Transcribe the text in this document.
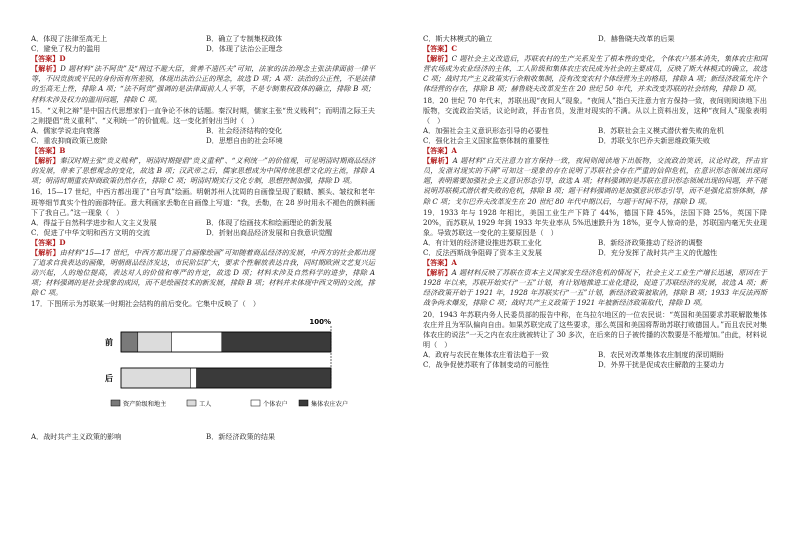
A．体现了法律至高无上	B．确立了专制集权政体
C．避免了权力的滥用	D．体现了法治公正理念
【答案】D
【解析】D 题材料“法不阿贵”及“刑过不避大臣，赏善不遗匹夫”可知，法家的法治理念主张法律面前一律平等，不因贵族或平民的身份而有所差别，体现出法治公正的理念，故选 D 项；A 项：法治的公正性，不是法律的至高无上性，排除 A 项；“法不阿贵”强调的是法律面前人人平等，不是专制集权政体的确立，排除 B 项；材料未涉及权力的滥用问题，排除 C 项。
15．“义利之辩”是中国古代思想家们一直争论不休的话题。秦汉时期，儒家主张“贵义贱利”；而明清之际王夫之则提倡“贵义重利”、“义利统一”的价值观。这一变化折射出当时（　）
A．儒家学说走向衰落	B．社会经济结构的变化
C．重农抑商政策已废除	D．思想自由的社会环境
【答案】B
【解析】秦汉时期主张“贵义贱利”，明清时期提倡“贵义重利”、“义利统一”的价值观，可见明清时期商品经济的发展，带来了思想观念的变化，故选 B 项；汉武帝之后，儒家思想成为中国传统思想文化的主流，排除 A 项；明清时期重农抑商政策仍然存在，排除 C 项；明清时期实行文化专制，思想控制加强，排除 D 项。
16．15—17 世纪，中西方都出现了“自写真”绘画。明朝苏州人沈周的自画像呈现了眼睛、额头、皱纹和老年斑等细节真实个性的面部特征。意大利画家丢勒在自画像上写道：“我，丢勒，在 28 岁时用永不褪色的颜料画下了我自己。”这一现象（　）
A．得益于自然科学进步和人文主义发展	B．体现了绘画技术和绘画理论的新发展
C．促进了中华文明和西方文明的交流	D．折射出商品经济发展和自我意识觉醒
【答案】D
【解析】由材料“15—17 世纪，中西方都出现了自画像绘画”可知随着商品经济的发展，中西方的社会都出现了追求自我表达的画像，明朝商品经济发达，市民阶层扩大，要求个性解放表达自我，同时期欧洲文艺复兴运动兴起，人的地位提高，表达对人的价值和尊严的肯定，故选 D 项；材料未涉及自然科学的进步，排除 A 项；材料强调的是社会现象的成因，而不是绘画技术的新发展，排除 B 项；材料并未体现中西文明的交流，排除 C 项。
17．下图所示为苏联某一时期社会结构的前后变化。它集中反映了（　）
100%
前
后
资产阶级和地主	工人	个体农户	集体农庄农户
A．战时共产主义政策的影响	B．新经济政策的结果
C．斯大林模式的确立	D．赫鲁晓夫改革的后果
【答案】C
【解析】C 题社会主义改造后，苏联农村的生产关系发生了根本性的变化，个体农户基本消失，集体农庄和国营农场成为农业经济的主体，工人阶级和集体农庄农民成为社会的主要成员，反映了斯大林模式的确立，故选 C 项；战时共产主义政策实行余粮收集制，没有改变农村个体经营为主的格局，排除 A 项；新经济政策允许个体经营的存在，排除 B 项；赫鲁晓夫改革发生在 20 世纪 50 年代，并未改变苏联的社会结构，排除 D 项。
18．20 世纪 70 年代末，苏联出现“夜间人”现象。“夜间人”指白天注意力官方保持一致，夜间则阅读地下出版物，交流政治笑话，议论时政，抨击官员，发泄对现实的不满。从以上资料出发，这种“夜间人”现象表明（　）
A．加强社会主义意识形态引导的必要性	B．苏联社会主义模式潜伏着失败的危机
C．强化社会主义国家监察体制的重要性	D．苏联戈尔巴乔夫新思维政策失败
【答案】A
【解析】A 题材料“白天注意力官方保持一致，夜间则阅读地下出版物，交流政治笑话，议论时政，抨击官员，发泄对现实的不满”可知这一现象的存在说明了苏联社会存在严重的信仰危机，在意识形态领域出现问题，表明需要加强社会主义意识形态引导，故选 A 项；材料强调的是苏联在意识形态领域出现的问题，并不能说明苏联模式潜伏着失败的危机，排除 B 项；题干材料强调的是加强意识形态引导，而不是强化监察体制，排除 C 项；戈尔巴乔夫改革发生在 20 世纪 80 年代中期以后，与题干时间不符，排除 D 项。
19．1933 年与 1928 年相比，美国工业生产下降了 44%，德国下降 45%，法国下降 25%，英国下降 20%，而苏联从 1929 年到 1933 年失业率从 5%迅速跌升为 18%，更令人惊奇的是，苏联国内毫无失业现象。导致苏联这一变化的主要原因是（　）
A．有计划的经济建设推进苏联工业化	B．新经济政策推动了经济的调整
C．反法西斯战争阻碍了资本主义发展	D．充分发挥了战时共产主义的优越性
【答案】A
【解析】A 题材料反映了苏联在资本主义国家发生经济危机的情况下，社会主义工业生产增长迅速，原因在于 1928 年以来，苏联开始实行“一五”计划，有计划地推进工业化建设，促进了苏联经济的发展，故选 A 项；新经济政策开始于 1921 年，1928 年苏联实行“一五”计划，新经济政策被取消，排除 B 项；1933 年反法西斯战争尚未爆发，排除 C 项；战时共产主义政策于 1921 年被新经济政策取代，排除 D 项。
20．1943 年苏联内务人民委员部的报告中称，在乌拉尔地区的一位农民说：“英国和美国要求苏联解散集体农庄并且为军队偏向自由。如果苏联完成了这些要求，那么英国和美国将帮助苏联打败德国人。”而且农民对集体农庄的说法“一天之内在农庄就被转让了 30 多次，在后来的日子被传播的次数要是不能增加。”由此，材料说明（　）
A．政府与农民在集体农庄看法趋于一致	B．农民对改革集体农庄制度的深切期盼
C．战争促使苏联有了体制变动的可能性	D．外界干扰是促成农庄解散的主要动力
